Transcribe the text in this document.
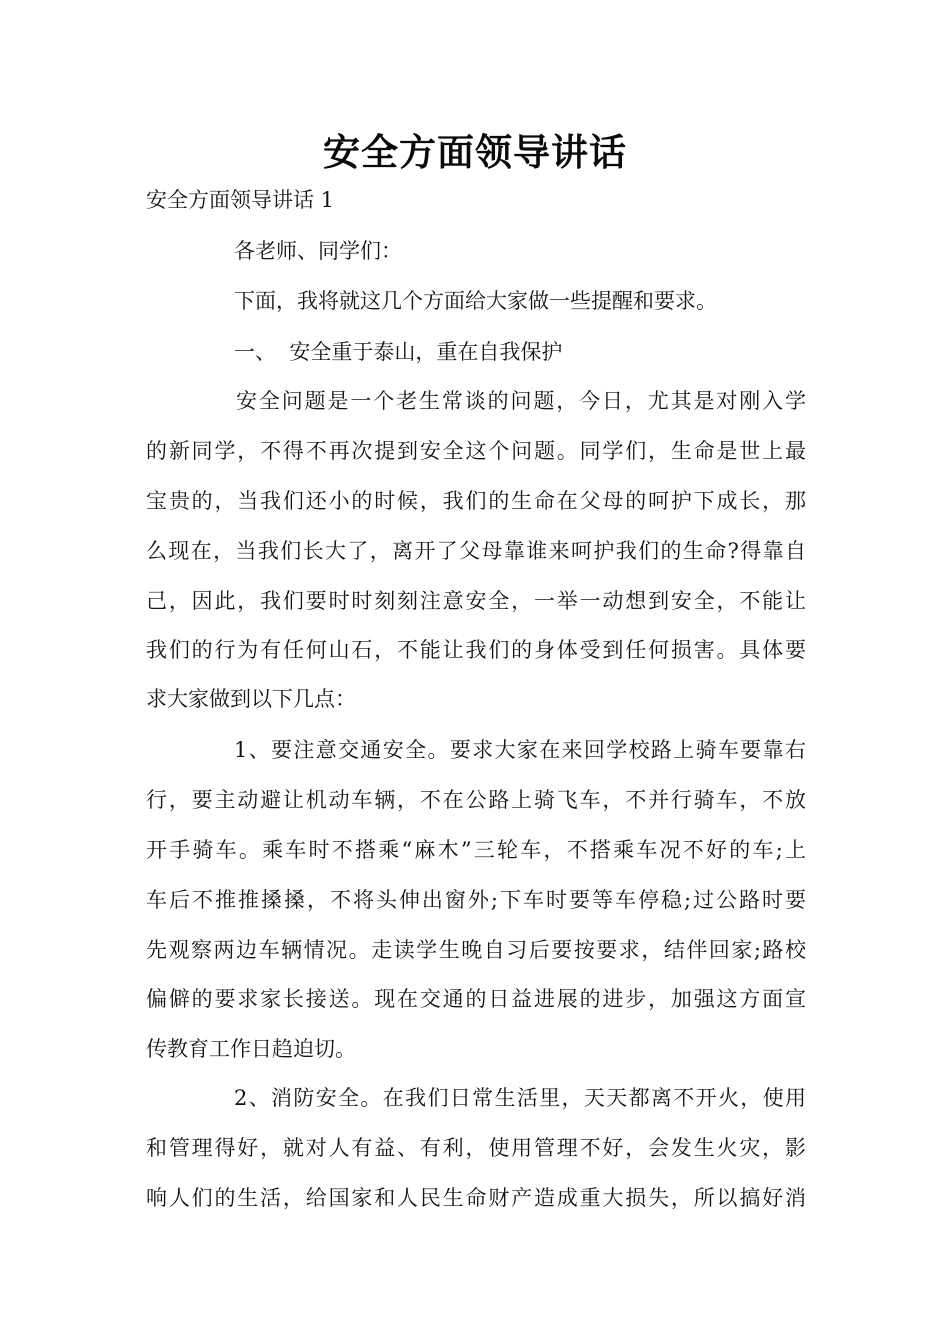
安全方面领导讲话
安全方面领导讲话 1
各老师、同学们：
下面，我将就这几个方面给大家做一些提醒和要求。
一、  安全重于泰山，重在自我保护
安全问题是一个老生常谈的问题，今日，尤其是对刚入学
的新同学，不得不再次提到安全这个问题。同学们，生命是世上最
宝贵的，当我们还小的时候，我们的生命在父母的呵护下成长，那
么现在，当我们长大了，离开了父母靠谁来呵护我们的生命?得靠自
己，因此，我们要时时刻刻注意安全，一举一动想到安全，不能让
我们的行为有任何山石，不能让我们的身体受到任何损害。具体要
求大家做到以下几点：
1、要注意交通安全。要求大家在来回学校路上骑车要靠右
行，要主动避让机动车辆，不在公路上骑飞车，不并行骑车，不放
开手骑车。乘车时不搭乘“麻木”三轮车，不搭乘车况不好的车;上
车后不推推搡搡，不将头伸出窗外;下车时要等车停稳;过公路时要
先观察两边车辆情况。走读学生晚自习后要按要求，结伴回家;路校
偏僻的要求家长接送。现在交通的日益进展的进步，加强这方面宣
传教育工作日趋迫切。
2、消防安全。在我们日常生活里，天天都离不开火，使用
和管理得好，就对人有益、有利，使用管理不好，会发生火灾，影
响人们的生活，给国家和人民生命财产造成重大损失，所以搞好消
